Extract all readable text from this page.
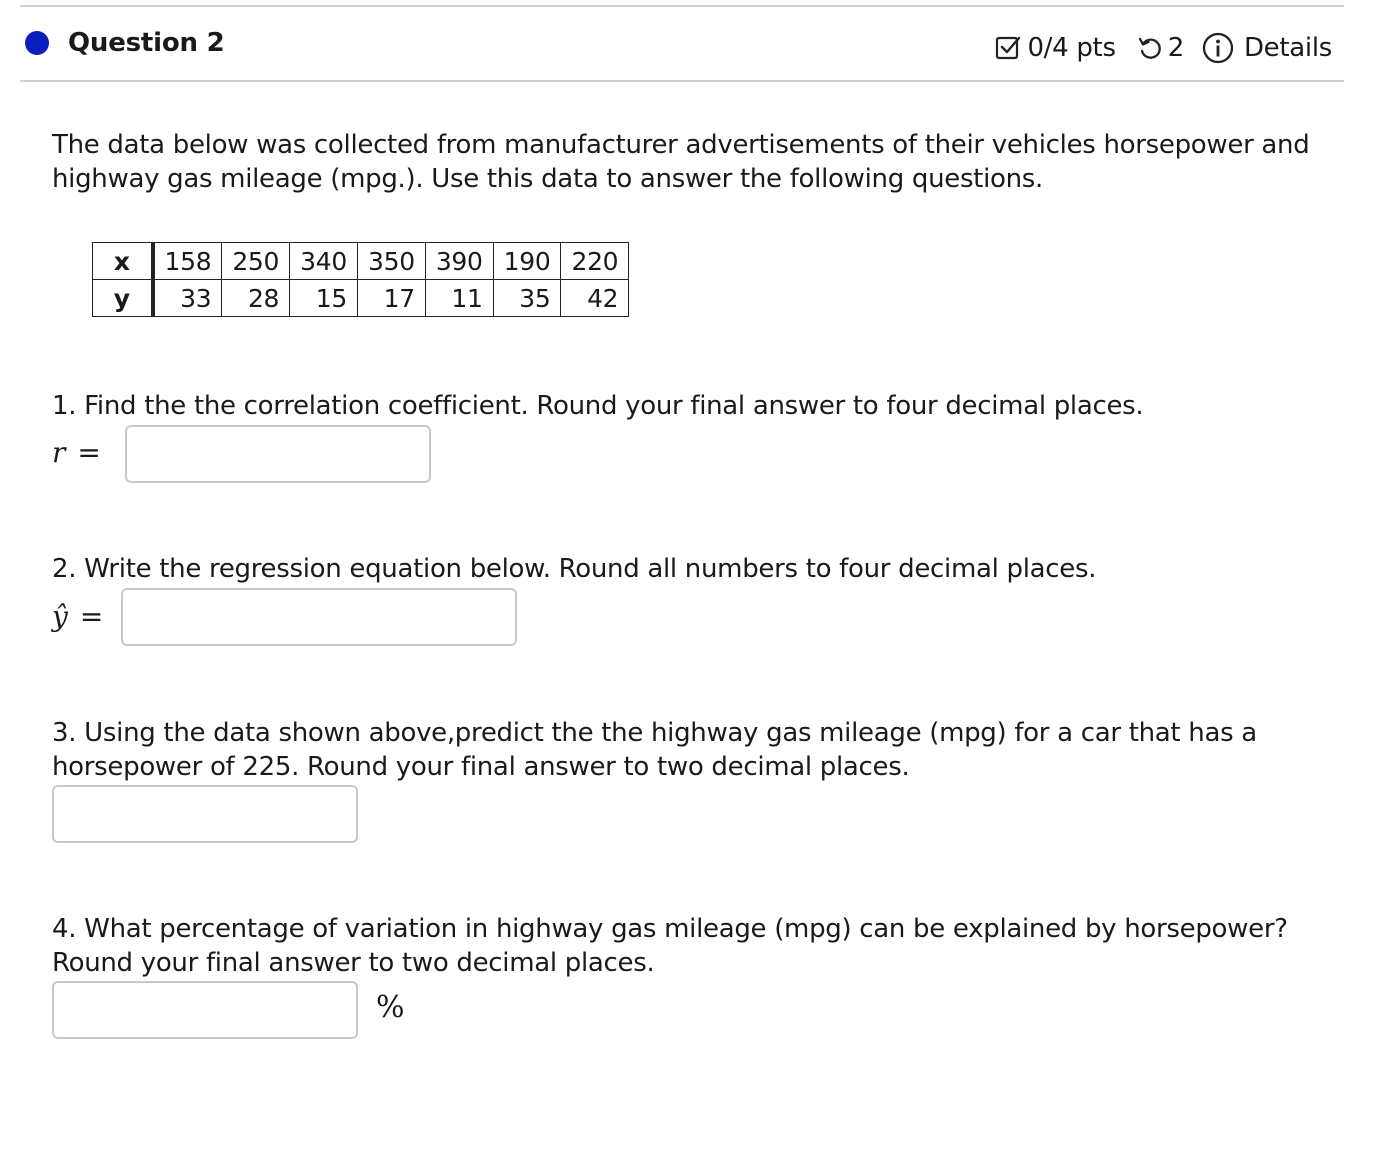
Question 2	0/4 pts 2 Details
The data below was collected from manufacturer advertisements of their vehicles horsepower and highway gas mileage (mpg.). Use this data to answer the following questions.
x	158	250	340	350	390	190	220
y	33	28	15	17	11	35	42
1. Find the the correlation coefficient. Round your final answer to four decimal places.
r =
2. Write the regression equation below. Round all numbers to four decimal places.
ŷ =
3. Using the data shown above,predict the the highway gas mileage (mpg) for a car that has a horsepower of 225. Round your final answer to two decimal places.
4. What percentage of variation in highway gas mileage (mpg) can be explained by horsepower? Round your final answer to two decimal places.
%
